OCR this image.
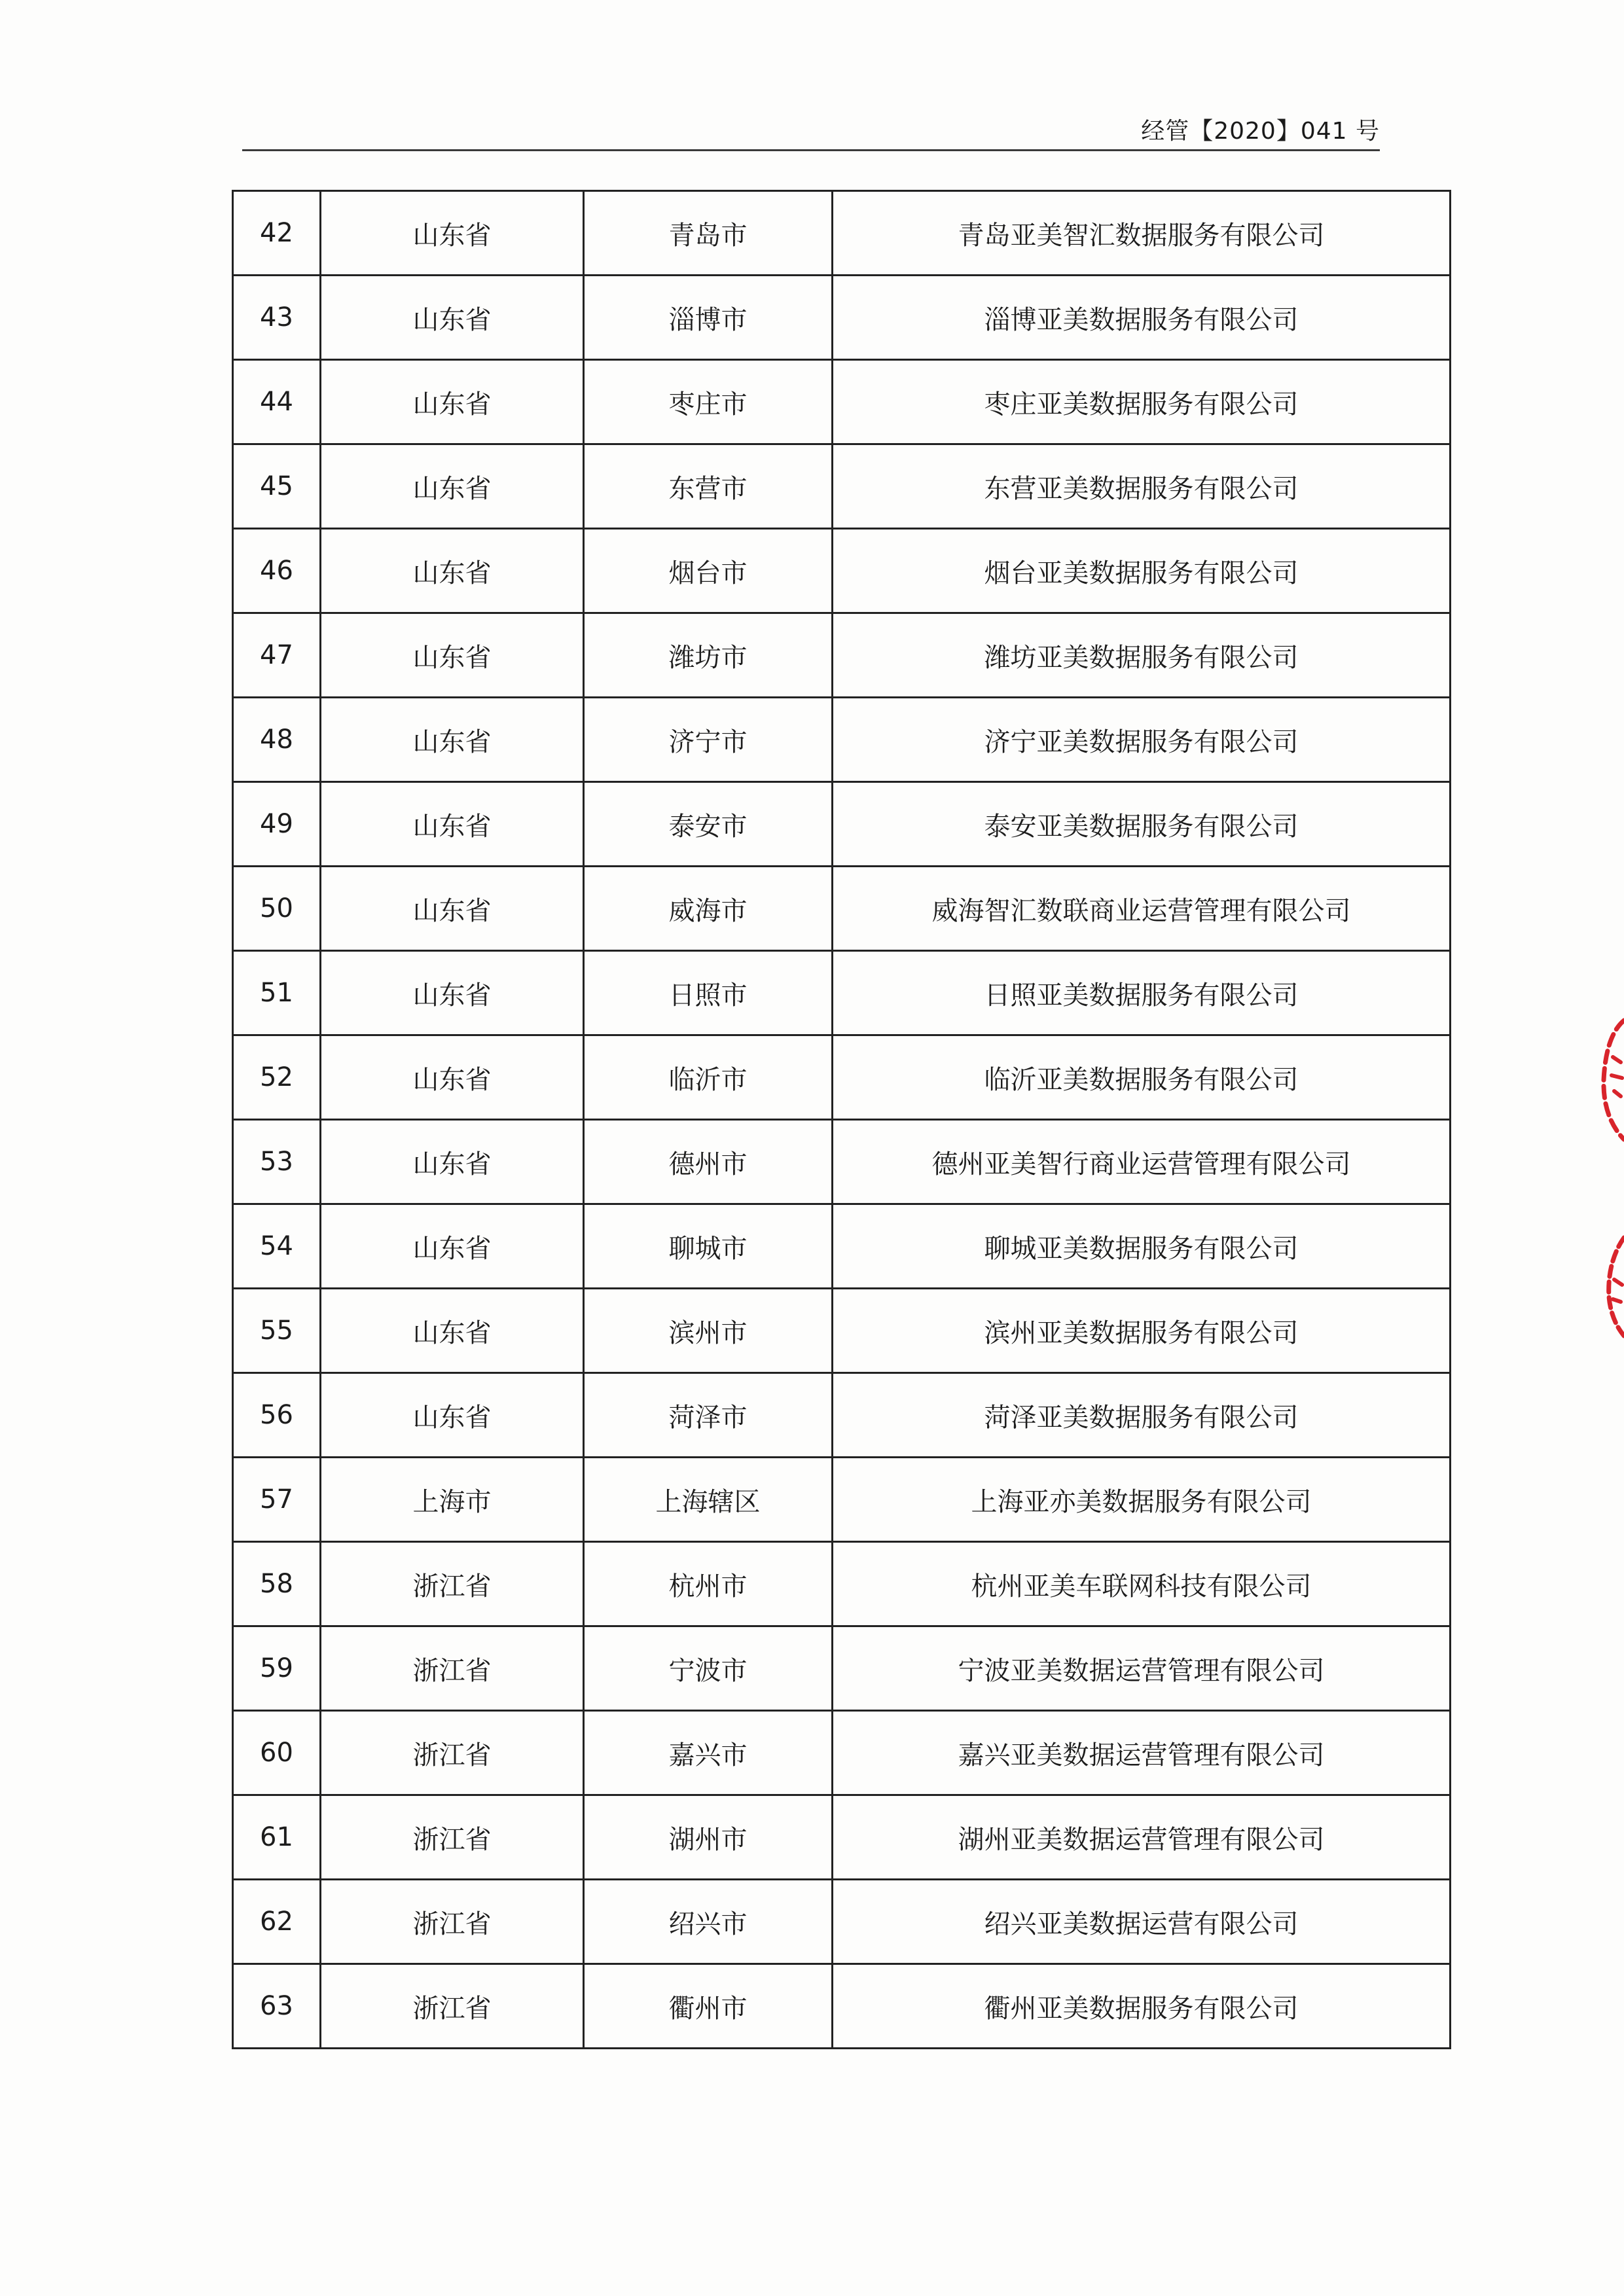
经管【2020】041 号
42	山东省	青岛市	青岛亚美智汇数据服务有限公司
43	山东省	淄博市	淄博亚美数据服务有限公司
44	山东省	枣庄市	枣庄亚美数据服务有限公司
45	山东省	东营市	东营亚美数据服务有限公司
46	山东省	烟台市	烟台亚美数据服务有限公司
47	山东省	潍坊市	潍坊亚美数据服务有限公司
48	山东省	济宁市	济宁亚美数据服务有限公司
49	山东省	泰安市	泰安亚美数据服务有限公司
50	山东省	威海市	威海智汇数联商业运营管理有限公司
51	山东省	日照市	日照亚美数据服务有限公司
52	山东省	临沂市	临沂亚美数据服务有限公司
53	山东省	德州市	德州亚美智行商业运营管理有限公司
54	山东省	聊城市	聊城亚美数据服务有限公司
55	山东省	滨州市	滨州亚美数据服务有限公司
56	山东省	菏泽市	菏泽亚美数据服务有限公司
57	上海市	上海辖区	上海亚亦美数据服务有限公司
58	浙江省	杭州市	杭州亚美车联网科技有限公司
59	浙江省	宁波市	宁波亚美数据运营管理有限公司
60	浙江省	嘉兴市	嘉兴亚美数据运营管理有限公司
61	浙江省	湖州市	湖州亚美数据运营管理有限公司
62	浙江省	绍兴市	绍兴亚美数据运营有限公司
63	浙江省	衢州市	衢州亚美数据服务有限公司
